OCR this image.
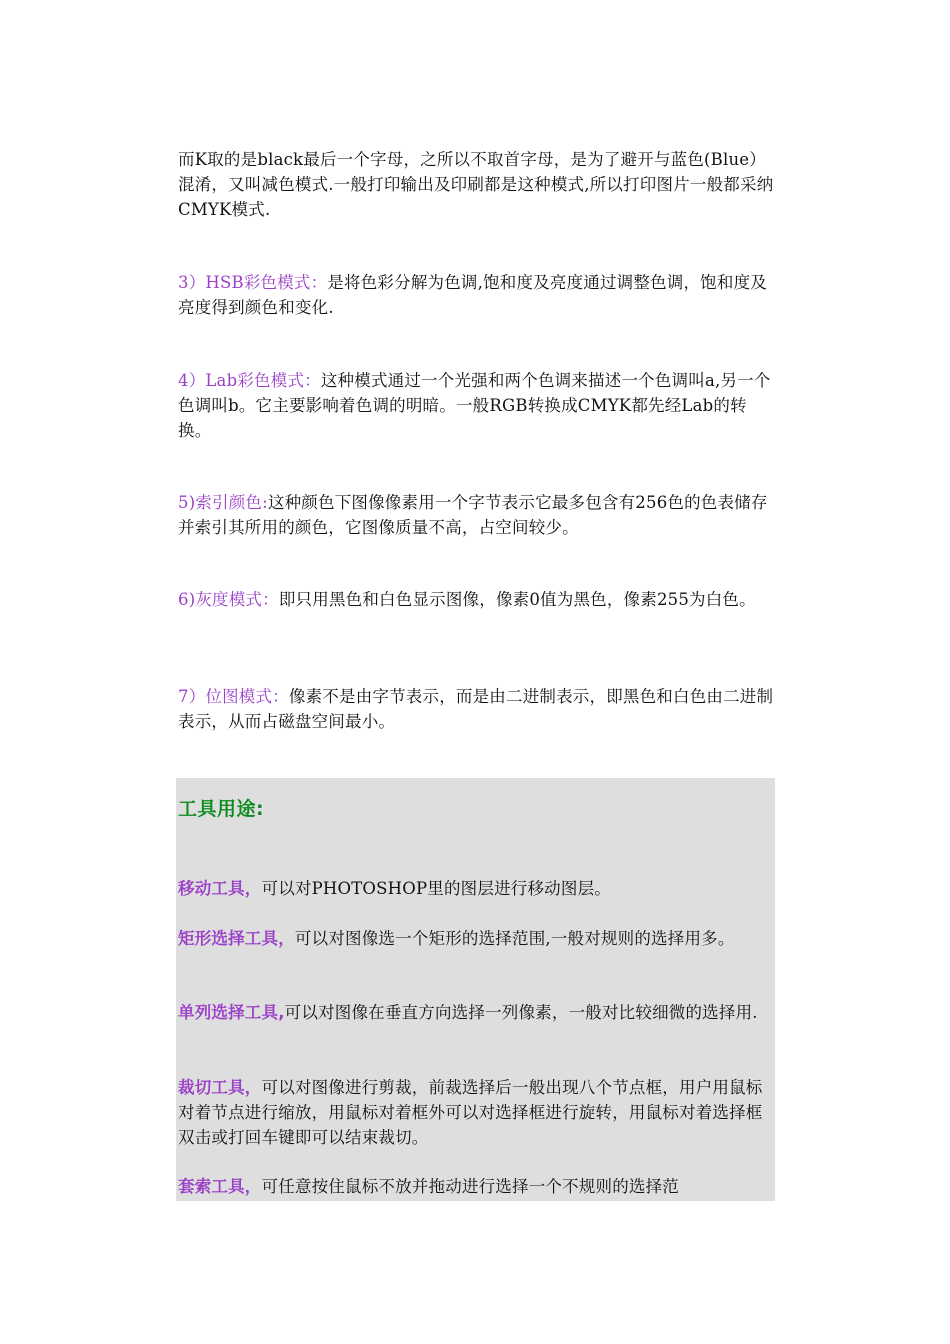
而K取的是black最后一个字母，之所以不取首字母，是为了避开与蓝色(Blue）混淆，又叫减色模式.一般打印输出及印刷都是这种模式,所以打印图片一般都采纳CMYK模式.

3）HSB彩色模式：是将色彩分解为色调,饱和度及亮度通过调整色调，饱和度及亮度得到颜色和变化.

4）Lab彩色模式：这种模式通过一个光强和两个色调来描述一个色调叫a,另一个色调叫b。它主要影响着色调的明暗。一般RGB转换成CMYK都先经Lab的转换。

5)索引颜色:这种颜色下图像像素用一个字节表示它最多包含有256色的色表储存并索引其所用的颜色，它图像质量不高，占空间较少。

6)灰度模式：即只用黑色和白色显示图像，像素0值为黑色，像素255为白色。

7）位图模式：像素不是由字节表示，而是由二进制表示，即黑色和白色由二进制表示，从而占磁盘空间最小。

工具用途:

移动工具，可以对PHOTOSHOP里的图层进行移动图层。

矩形选择工具，可以对图像选一个矩形的选择范围,一般对规则的选择用多。

单列选择工具,可以对图像在垂直方向选择一列像素，一般对比较细微的选择用.

裁切工具，可以对图像进行剪裁，前裁选择后一般出现八个节点框，用户用鼠标对着节点进行缩放，用鼠标对着框外可以对选择框进行旋转，用鼠标对着选择框双击或打回车键即可以结束裁切。

套索工具，可任意按住鼠标不放并拖动进行选择一个不规则的选择范
